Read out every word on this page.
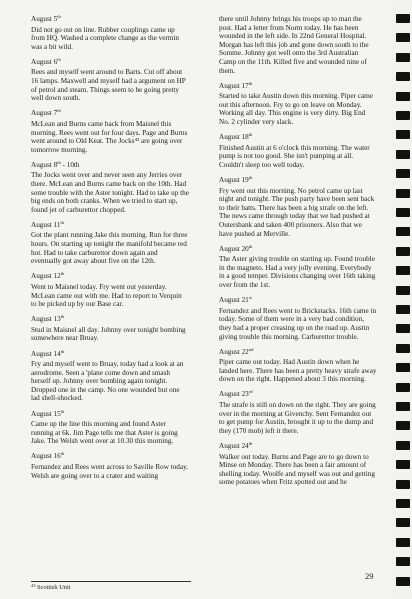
August 5th

Did not go out on line. Rubber couplings came up from HQ. Washed a complete change as the vermin was a bit wild.

August 6th

Rees and myself went around to Barts. Cut off about 16 lamps. Maxwell and myself had a argument on HP of petrol and steam. Things seem to be going pretty well down south.

August 7th

McLean and Burns came back from Maisnel this morning. Rees went out for four days. Page and Burns went around to Old Keat. The Jocks⁴³ are going over tomorrow morning.

August 8th - 10th

The Jocks went over and never seen any Jerries over there. McLean and Burns came back on the 10th. Had some trouble with the Aster tonight. Had to take up the big ends on both cranks. When we tried to start up, found jet of carburettor chopped.

August 11th

Got the plant running Jake this morning. Run for three hours. On starting up tonight the manifold became red hot. Had to take carburettor down again and eventually got away about five on the 12th.

August 12th

Went to Maisnel today. Fry went out yesterday. McLean came out with me. Had to report to Verquin to be picked up by our Base car.

August 13th

Stud in Maisnel all day. Johnny over tonight bombing somewhere near Bruay.

August 14th

Fry and myself went to Bruay, today had a look at an aerodrome. Seen a 'plane come down and smash herself up. Johnny over bombing again tonight. Dropped one in the camp. No one wounded but one lad shell-shocked.

August 15th

Came up the line this morning and found Aster running at 6k. Jim Page tells me that Aster is going Jake. The Welsh went over at 10.30 this morning.

August 16th

Fernandez and Rees went across to Saville Row today. Welsh are going over to a crater and waiting

there until Johnny brings his troops up to man the post. Had a letter from Norm today. He has been wounded in the left side. In 22nd General Hospital. Morgan has left this job and gone down south to the Somme. Johnny got well onto the 3rd Australian Camp on the 11th. Killed five and wounded nine of them.

August 17th

Started to take Austin down this morning. Piper came out this afternoon. Fry to go on leave on Monday. Working all day. This engine is very dirty. Big End No. 2 cylinder very slack.

August 18th

Finished Austin at 6 o'clock this morning. The water pump is not too good. She isn't pumping at all. Couldn't sleep too well today.

August 19th

Fry went out this morning. No petrol came up last night and tonight. The push party have been sent back to their batts. There has been a big strafe on the left. The news came through today that we had pushed at Outersbank and taken 400 prisoners. Also that we have pushed at Merville.

August 20th

The Aster giving trouble on starting up. Found trouble in the magneto. Had a very jolly evening. Everybody in a good temper. Divisions changing over 16th taking over from the 1st.

August 21st

Fernandez and Rees went to Brickstacks. 16th came in today. Some of them were in a very bad condition, they had a proper creasing up on the road up. Austin giving trouble this morning. Carburettor trouble.

August 22nd

Piper came out today. Had Austin down when he landed here. There has been a pretty heavy strafe away down on the right. Happened about 3 this morning.

August 23rd

The strafe is still on down on the right. They are going over in the morning at Givenchy. Sent Fernandez out to get pump for Austin, brought it up to the dump and they (170 mob) left it there.

August 24th

Walker out today. Burns and Page are to go down to Minse on Monday. There has been a fair amount of shelling today. Woolfe and myself was out and getting some potatoes when Fritz spotted out and he

$^{43}$ Scottish Unit
29
